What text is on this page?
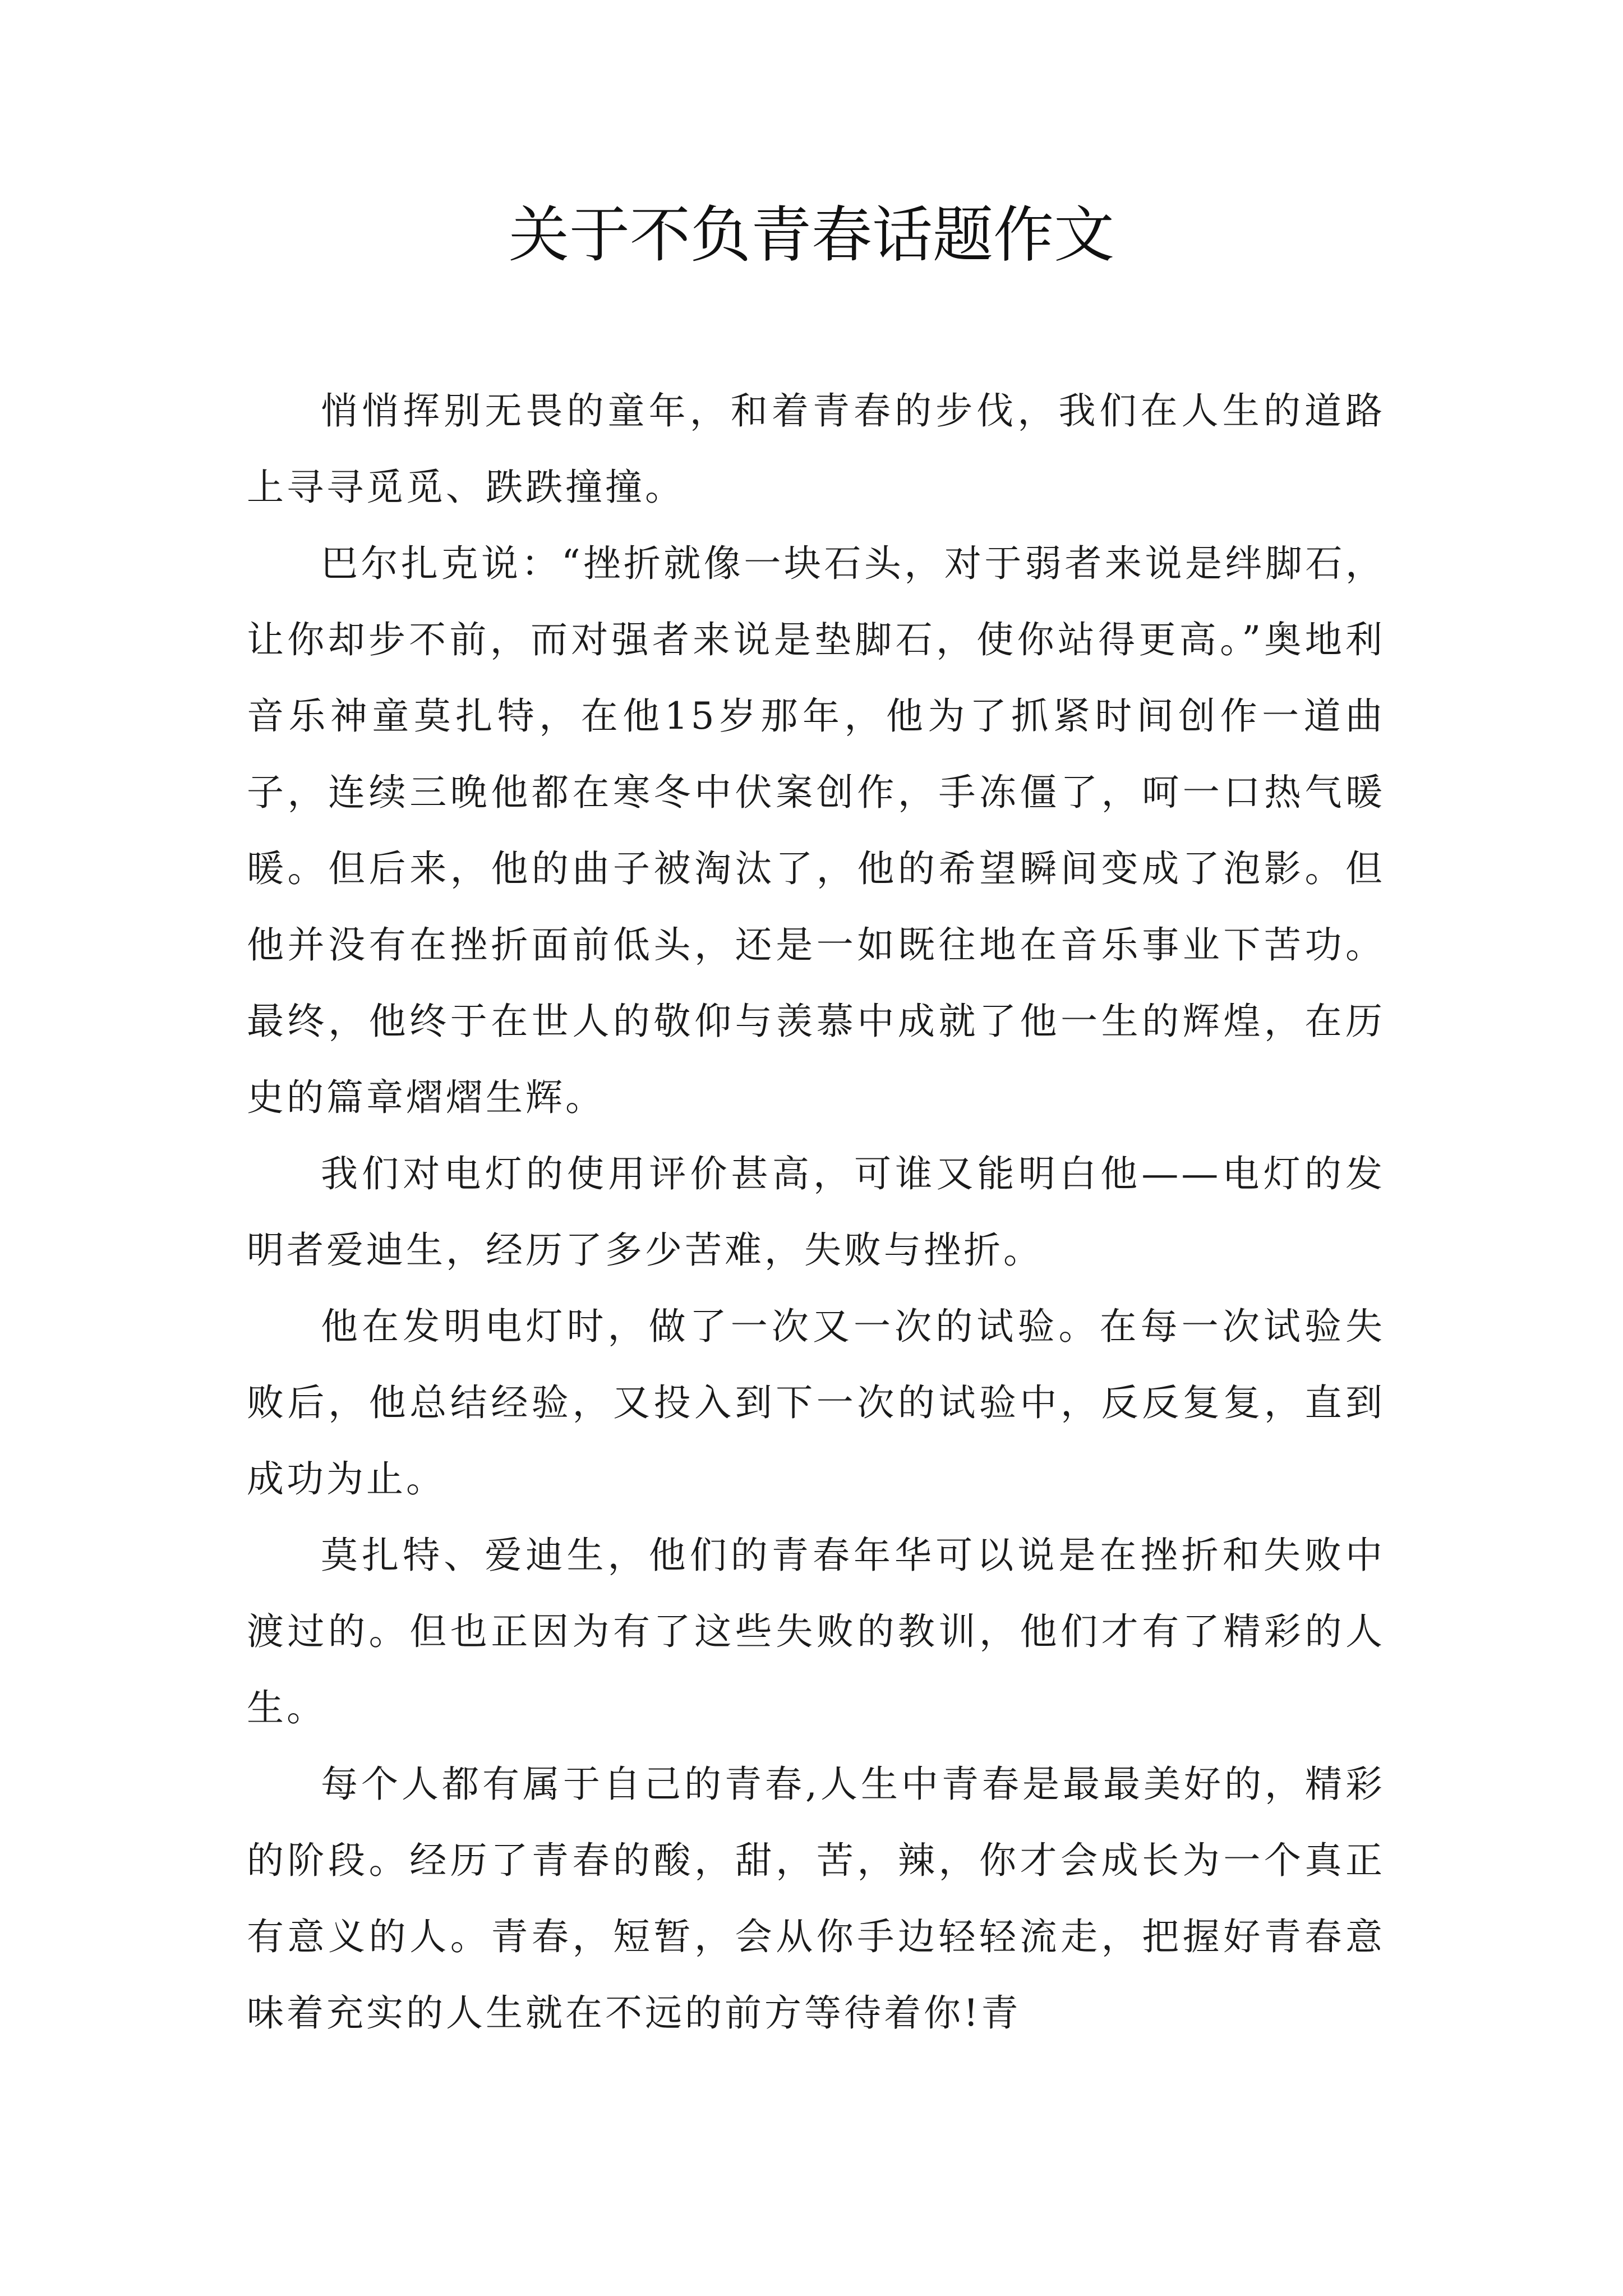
关于不负青春话题作文

悄悄挥别无畏的童年，和着青春的步伐，我们在人生的道路上寻寻觅觅、跌跌撞撞。

巴尔扎克说：“挫折就像一块石头，对于弱者来说是绊脚石，让你却步不前，而对强者来说是垫脚石，使你站得更高。”奥地利音乐神童莫扎特，在他15岁那年，他为了抓紧时间创作一道曲子，连续三晚他都在寒冬中伏案创作，手冻僵了，呵一口热气暖暖。但后来，他的曲子被淘汰了，他的希望瞬间变成了泡影。但他并没有在挫折面前低头，还是一如既往地在音乐事业下苦功。最终，他终于在世人的敬仰与羡慕中成就了他一生的辉煌，在历史的篇章熠熠生辉。

我们对电灯的使用评价甚高，可谁又能明白他——电灯的发明者爱迪生，经历了多少苦难，失败与挫折。

他在发明电灯时，做了一次又一次的试验。在每一次试验失败后，他总结经验，又投入到下一次的试验中，反反复复，直到成功为止。

莫扎特、爱迪生，他们的青春年华可以说是在挫折和失败中渡过的。但也正因为有了这些失败的教训，他们才有了精彩的人生。

每个人都有属于自己的青春,人生中青春是最最美好的，精彩的阶段。经历了青春的酸，甜，苦，辣，你才会成长为一个真正有意义的人。青春，短暂，会从你手边轻轻流走，把握好青春意味着充实的人生就在不远的前方等待着你!青
